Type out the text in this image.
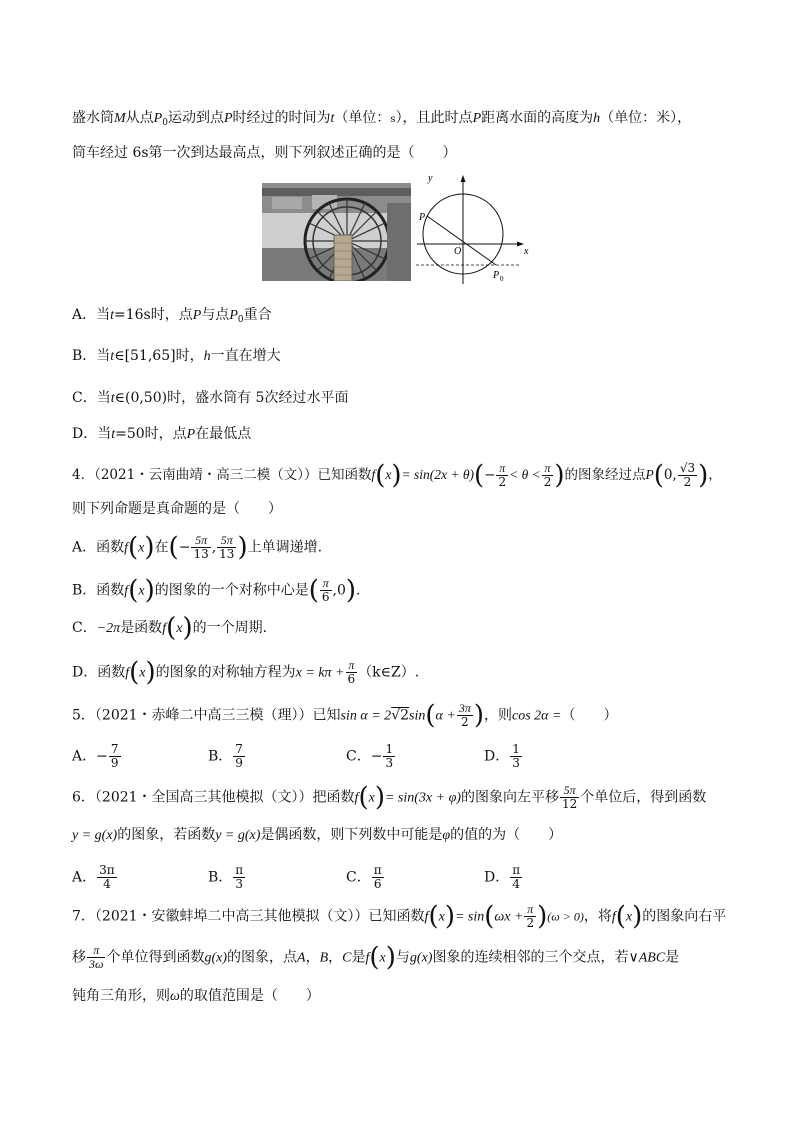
盛水筒M从点$P_0$运动到点P时经过的时间为t（单位：s），且此时点P距离水面的高度为h（单位：米），
筒车经过 6s第一次到达最高点，则下列叙述正确的是（　　）
y
x
P
O
P 0
A．当t=16s时，点P与点$P_0$重合
B．当t∈[51,65]时，h一直在增大
C．当t∈(0,50)时，盛水筒有 5次经过水平面
D．当t=50时，点P在最低点
4．（2021・云南曲靖・高三二模（文））已知函数$f(x)= \sin(2x + \theta)(- \frac{\pi}{2} < \theta < \frac{\pi}{2}$ )的图象经过点P(0, $\frac{√3}{2}$ )，
则下列命题是真命题的是（　　）
A．函数f(x)在(− $\frac{5\pi}{13}$ , $\frac{5\pi}{13}$ )上单调递增.
B．函数f(x)的图象的一个对称中心是( $\frac{\pi}{6} ,0$).
C．−2π是函数f(x)的一个周期.
D．函数f(x)的图象的对称轴方程为$x = k\pi + \frac{\pi}{6}$ （k∈Z）.
5．（2021・赤峰二中高三三模（理））已知$\sin \alpha = 2√2\sin(\alpha + \frac{3\pi}{2}$ )，则cos 2α =（　　）
A．− $\frac{7}{9}$	B． $\frac{7}{9}$	C．− $\frac{1}{3}$	D． $\frac{1}{3}$
6．（2021・全国高三其他模拟（文））把函数f(x)= sin(3x + φ)的图象向左平移 $\frac{5\pi}{12}$ 个单位后，得到函数
y = g(x)的图象，若函数y = g(x)是偶函数，则下列数中可能是φ的值的为（　　）
A． $\frac{3\pi}{4}$	B． $\frac{\pi}{3}$	C． $\frac{\pi}{6}$	D． $\frac{\pi}{4}$
7．（2021・安徽蚌埠二中高三其他模拟（文））已知函数$f(x)= \sin(\omega x + \frac{\pi}{2} )(\omega > 0)$，将f(x)的图象向右平
移 $\frac{\pi}{3\omega}$ 个单位得到函数g(x)的图象，点A，B，C是f(x)与g(x)图象的连续相邻的三个交点，若∨ABC是
钝角三角形，则ω的取值范围是（　　）
